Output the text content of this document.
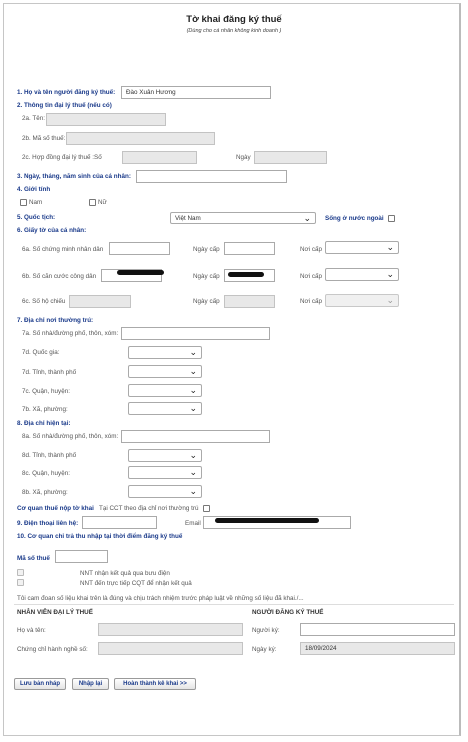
Tờ khai đăng ký thuế
(Dùng cho cá nhân không kinh doanh )
1. Họ và tên người đăng ký thuế:
Đào Xuân Hương
2. Thông tin đại lý thuế (nếu có)
2a. Tên:
2b. Mã số thuế:
2c. Hợp đồng đại lý thuế :Số	Ngày
3. Ngày, tháng, năm sinh của cá nhân:
4. Giới tính
Nam	Nữ
5. Quốc tịch:	Việt Nam	⌄ Sống ở nước ngoài
6. Giấy tờ của cá nhân:
6a. Số chứng minh nhân dân	Ngày cấp	Nơi cấp	⌄
6b. Số căn cước công dân	Ngày cấp	Nơi cấp	⌄
6c. Số hộ chiếu	Ngày cấp	Nơi cấp	⌄
7. Địa chỉ nơi thường trú:
7a. Số nhà/đường phố, thôn, xóm:
7d. Quốc gia:	⌄
7d. Tỉnh, thành phố	⌄
7c. Quận, huyện:	⌄
7b. Xã, phường:	⌄
8. Địa chỉ hiện tại:
8a. Số nhà/đường phố, thôn, xóm:
8d. Tỉnh, thành phố	⌄
8c. Quận, huyện:	⌄
8b. Xã, phường:	⌄
Cơ quan thuế nộp tờ khai Tại CCT theo địa chỉ nơi thường trú
9. Điện thoại liên hệ:	Email
10. Cơ quan chi trả thu nhập tại thời điểm đăng ký thuế
Mã số thuế
NNT nhận kết quả qua bưu điện
NNT đến trực tiếp CQT để nhận kết quả
Tôi cam đoan số liệu khai trên là đúng và chịu trách nhiệm trước pháp luật về những số liệu đã khai./...
NHÂN VIÊN ĐẠI LÝ THUẾ
Họ và tên:
Chứng chỉ hành nghề số:
NGƯỜI ĐĂNG KÝ THUẾ
Người ký:
Ngày ký:
18/09/2024
Lưu bản nháp	Nhập lại	Hoàn thành kê khai >>
